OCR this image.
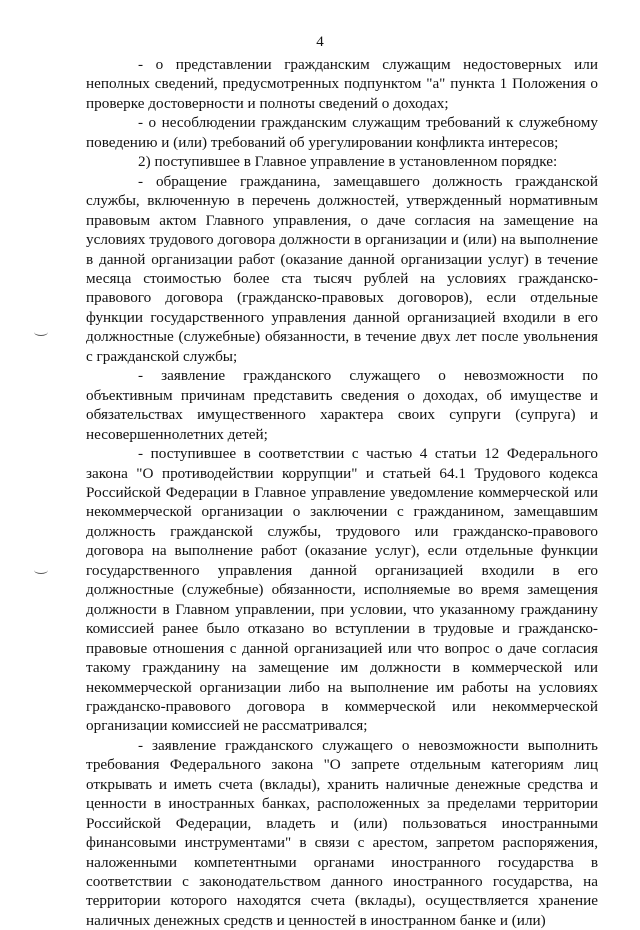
4

- о представлении гражданским служащим недостоверных или неполных сведений, предусмотренных подпунктом "а" пункта 1 Положения о проверке достоверности и полноты сведений о доходах;

- о несоблюдении гражданским служащим требований к служебному поведению и (или) требований об урегулировании конфликта интересов;

2) поступившее в Главное управление в установленном порядке:

- обращение гражданина, замещавшего должность гражданской службы, включенную в перечень должностей, утвержденный нормативным правовым актом Главного управления, о даче согласия на замещение на условиях трудового договора должности в организации и (или) на выполнение в данной организации работ (оказание данной организации услуг) в течение месяца стоимостью более ста тысяч рублей на условиях гражданско-правового договора (гражданско-правовых договоров), если отдельные функции государственного управления данной организацией входили в его должностные (служебные) обязанности, в течение двух лет после увольнения с гражданской службы;

- заявление гражданского служащего о невозможности по объективным причинам представить сведения о доходах, об имуществе и обязательствах имущественного характера своих супруги (супруга) и несовершеннолетних детей;

- поступившее в соответствии с частью 4 статьи 12 Федерального закона "О противодействии коррупции" и статьей 64.1 Трудового кодекса Российской Федерации в Главное управление уведомление коммерческой или некоммерческой организации о заключении с гражданином, замещавшим должность гражданской службы, трудового или гражданско-правового договора на выполнение работ (оказание услуг), если отдельные функции государственного управления данной организацией входили в его должностные (служебные) обязанности, исполняемые во время замещения должности в Главном управлении, при условии, что указанному гражданину комиссией ранее было отказано во вступлении в трудовые и гражданско-правовые отношения с данной организацией или что вопрос о даче согласия такому гражданину на замещение им должности в коммерческой или некоммерческой организации либо на выполнение им работы на условиях гражданско-правового договора в коммерческой или некоммерческой организации комиссией не рассматривался;

- заявление гражданского служащего о невозможности выполнить требования Федерального закона "О запрете отдельным категориям лиц открывать и иметь счета (вклады), хранить наличные денежные средства и ценности в иностранных банках, расположенных за пределами территории Российской Федерации, владеть и (или) пользоваться иностранными финансовыми инструментами" в связи с арестом, запретом распоряжения, наложенными компетентными органами иностранного государства в соответствии с законодательством данного иностранного государства, на территории которого находятся счета (вклады), осуществляется хранение наличных денежных средств и ценностей в иностранном банке и (или)
